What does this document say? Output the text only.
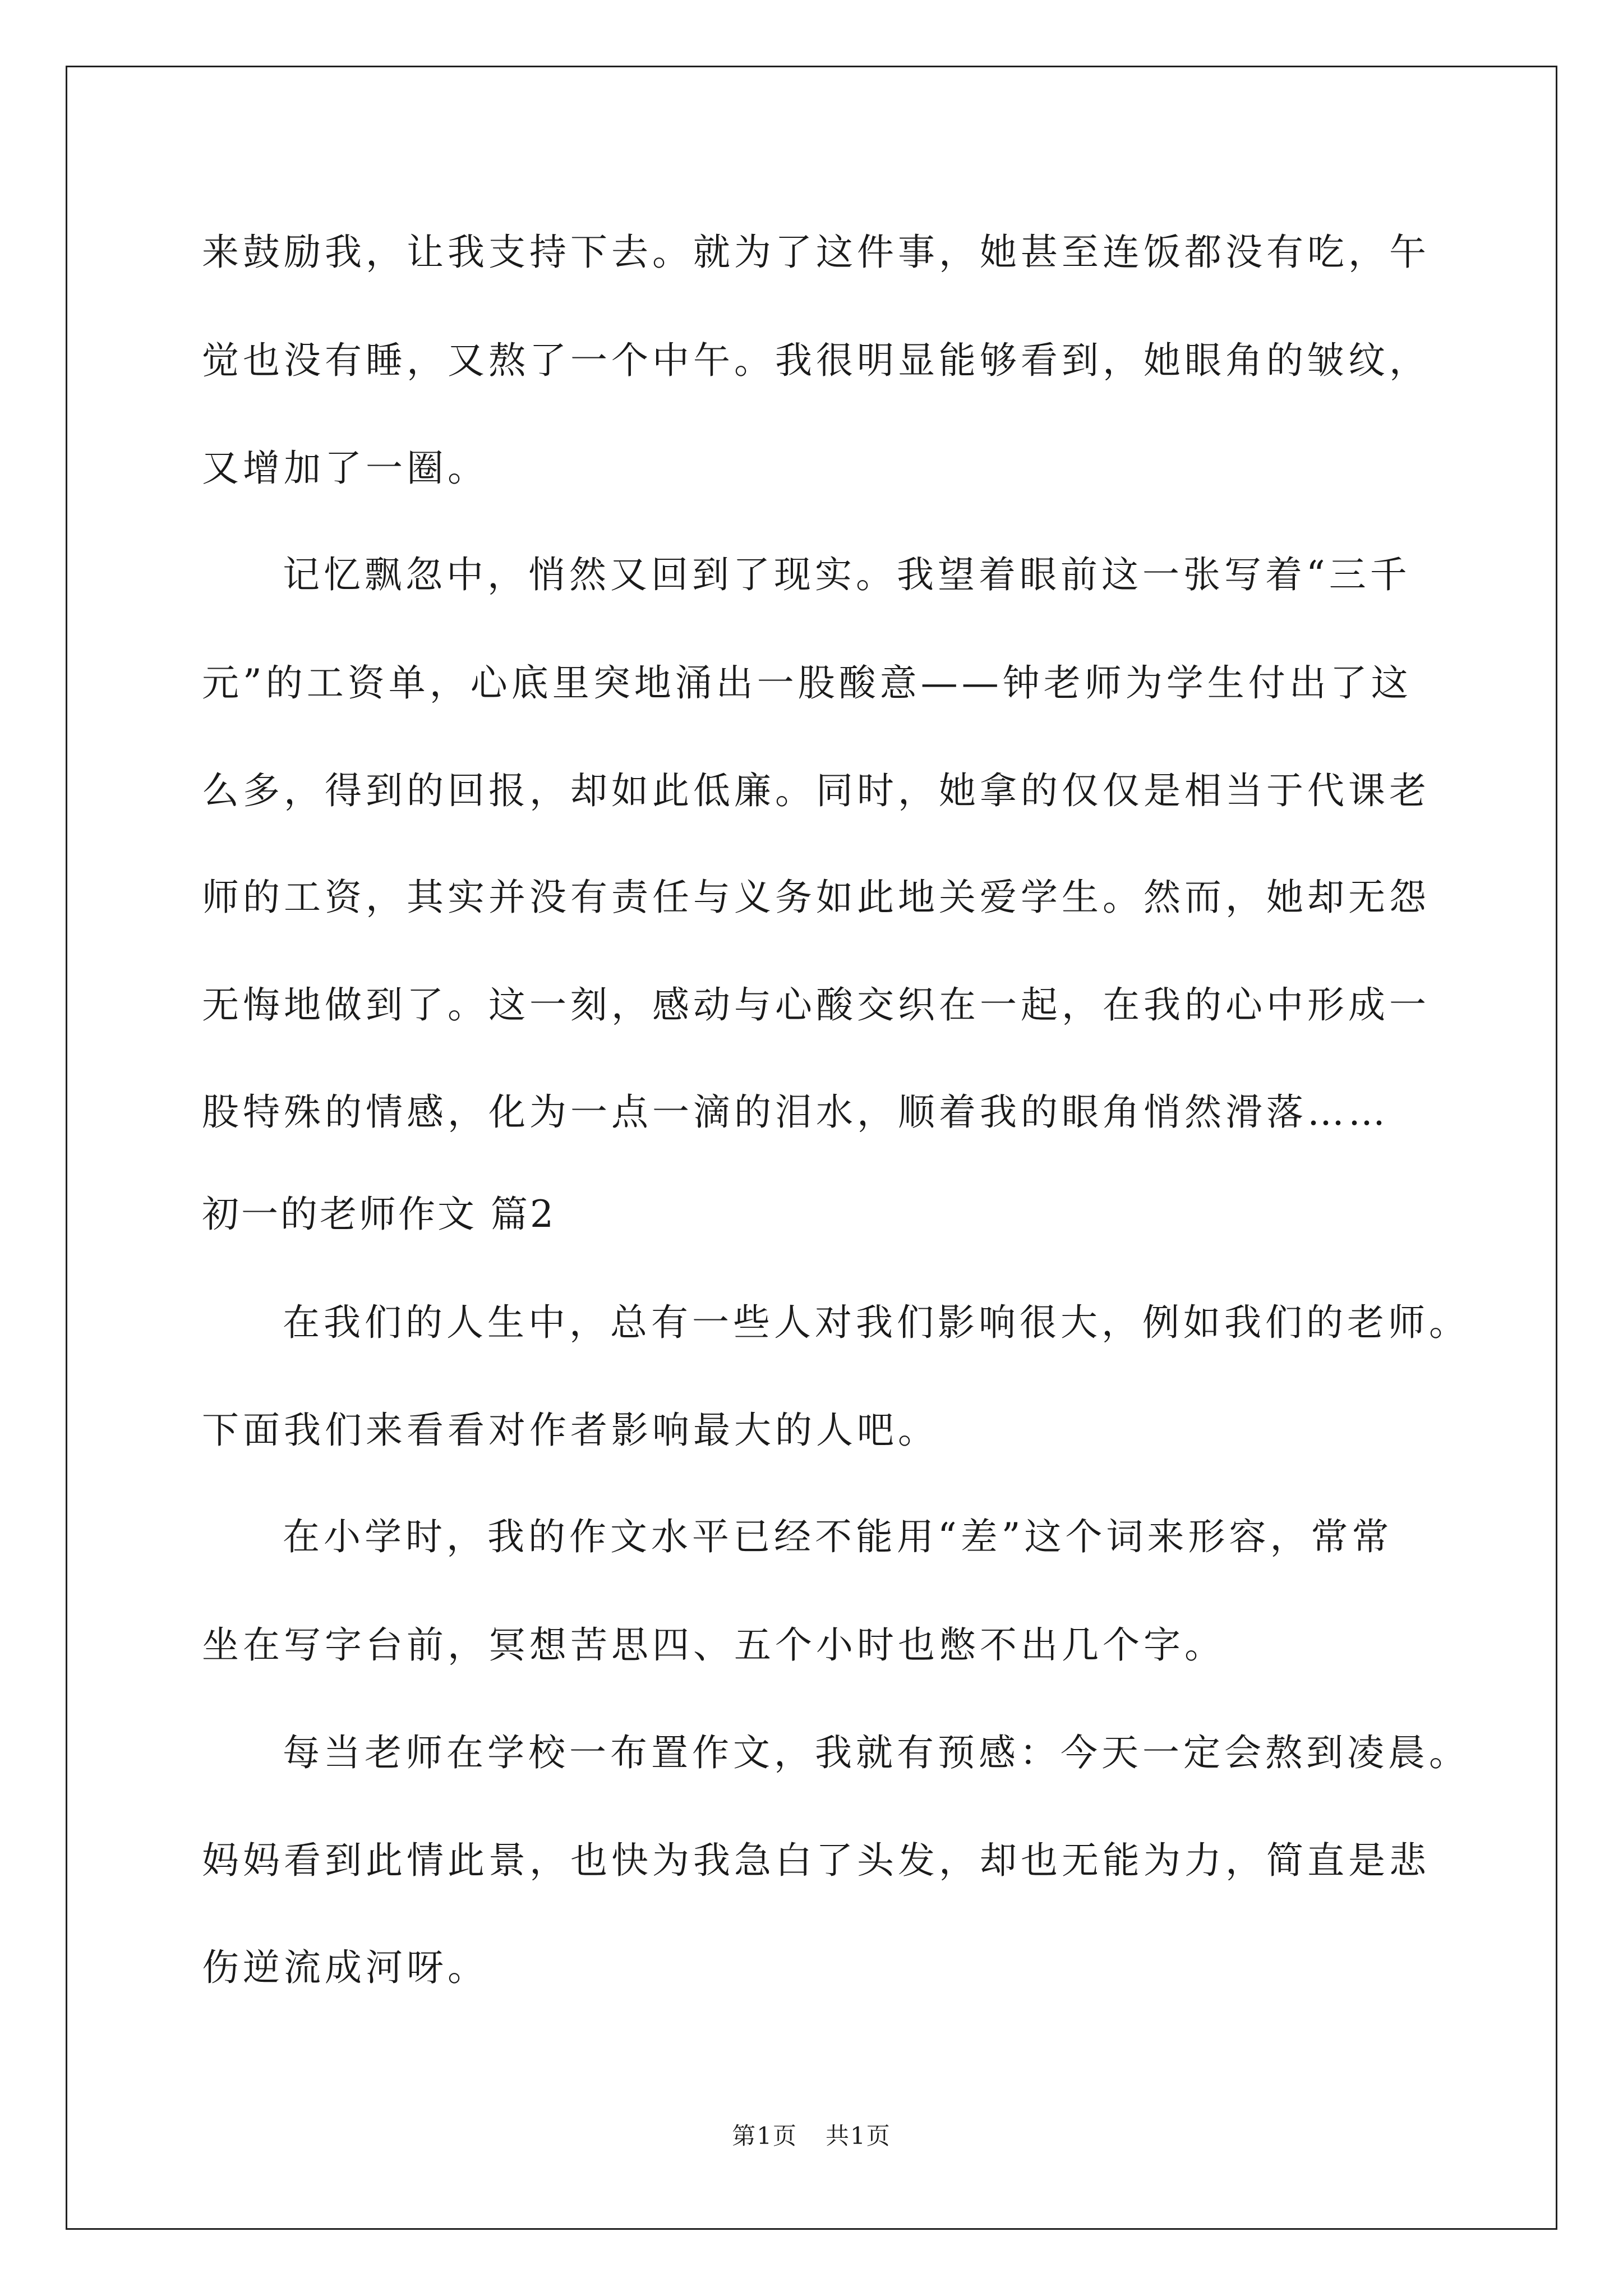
来鼓励我，让我支持下去。就为了这件事，她甚至连饭都没有吃，午
觉也没有睡，又熬了一个中午。我很明显能够看到，她眼角的皱纹，
又增加了一圈。
记忆飘忽中，悄然又回到了现实。我望着眼前这一张写着“三千
元”的工资单，心底里突地涌出一股酸意——钟老师为学生付出了这
么多，得到的回报，却如此低廉。同时，她拿的仅仅是相当于代课老
师的工资，其实并没有责任与义务如此地关爱学生。然而，她却无怨
无悔地做到了。这一刻，感动与心酸交织在一起，在我的心中形成一
股特殊的情感，化为一点一滴的泪水，顺着我的眼角悄然滑落……
初一的老师作文 篇2
在我们的人生中，总有一些人对我们影响很大，例如我们的老师。
下面我们来看看对作者影响最大的人吧。
在小学时，我的作文水平已经不能用“差”这个词来形容，常常
坐在写字台前，冥想苦思四、五个小时也憋不出几个字。
每当老师在学校一布置作文，我就有预感：今天一定会熬到凌晨。
妈妈看到此情此景，也快为我急白了头发，却也无能为力，简直是悲
伤逆流成河呀。
第1页 共1页
